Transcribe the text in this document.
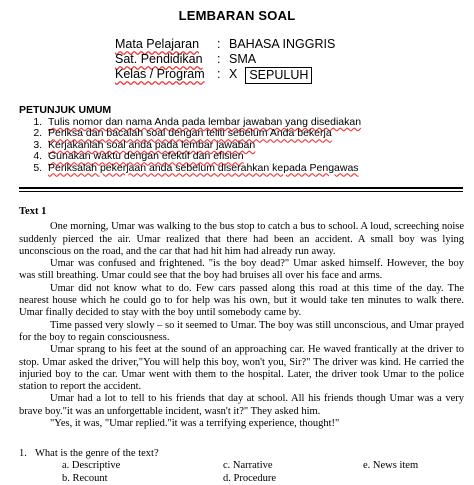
LEMBARAN SOAL
Mata Pelajaran	: BAHASA INGGRIS
Sat. Pendidikan	: SMA
Kelas / Program : X SEPULUH
PETUNJUK UMUM
1. Tulis nomor dan nama Anda pada lembar jawaban yang disediakan
2. Periksa dan bacalah soal dengan teliti sebelum Anda bekerja
3. Kerjakanlah soal anda pada lembar jawaban
4. Gunakan waktu dengan efektif dan efisien
5. Periksalah pekerjaan anda sebelum diserahkan kepada Pengawas
Text 1

One morning, Umar was walking to the bus stop to catch a bus to school. A loud, screeching noise suddenly pierced the air. Umar realized that there had been an accident. A small boy was lying unconscious on the road, and the car that had hit him had already run away.

Umar was confused and frightened. "is the boy dead?" Umar asked himself. However, the boy was still breathing. Umar could see that the boy had bruises all over his face and arms.

Umar did not know what to do. Few cars passed along this road at this time of the day. The nearest house which he could go to for help was his own, but it would take ten minutes to walk there. Umar finally decided to stay with the boy until somebody came by.

Time passed very slowly – so it seemed to Umar. The boy was still unconscious, and Umar prayed for the boy to regain consciousness.

Umar sprang to his feet at the sound of an approaching car. He waved frantically at the driver to stop. Umar asked the driver,"You will help this boy, won't you, Sir?" The driver was kind. He carried the injuried boy to the car. Umar went with them to the hospital. Later, the driver took Umar to the police station to report the accident.

Umar had a lot to tell to his friends that day at school. All his friends though Umar was a very brave boy."it was an unforgettable incident, wasn't it?" They asked him.

"Yes, it was, "Umar replied."it was a terrifying experience, thought!"

1. What is the genre of the text?
a. Descriptive	c. Narrative	e. News item
b. Recount	d. Procedure
